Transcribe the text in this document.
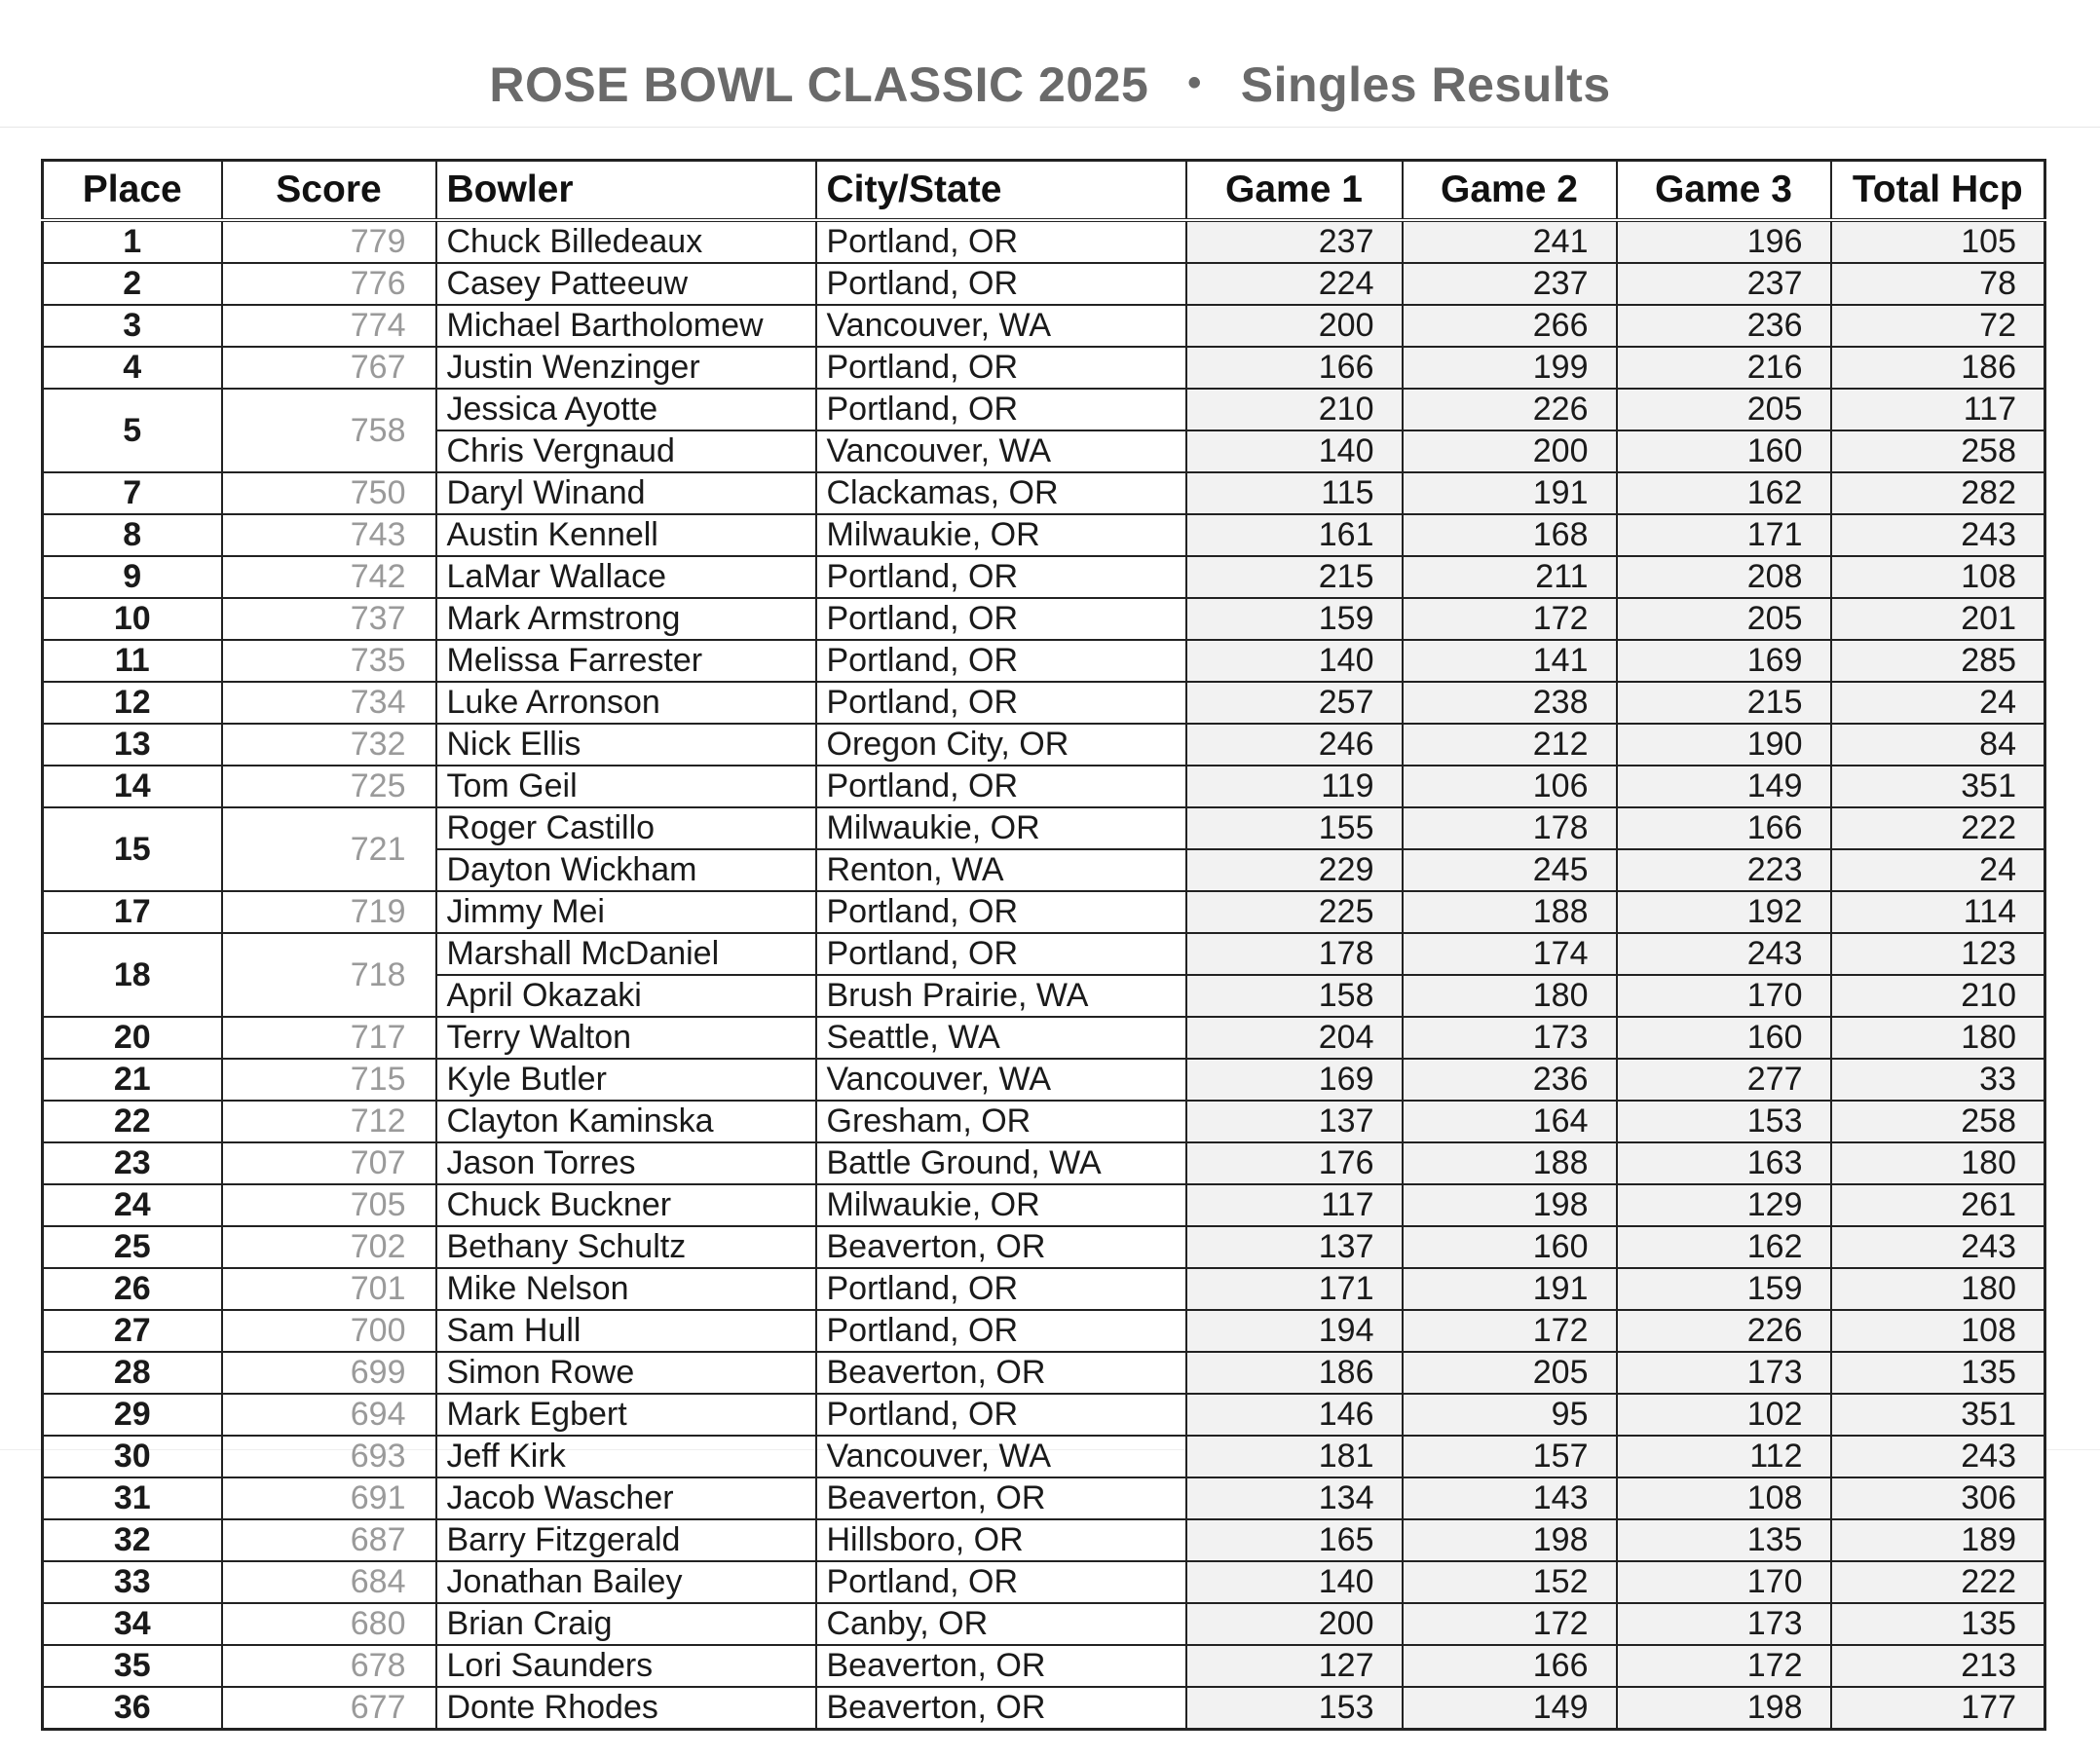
ROSE BOWL CLASSIC 2025 • Singles Results
Place	Score	Bowler	City/State	Game 1	Game 2	Game 3	Total Hcp
1	779	Chuck Billedeaux	Portland, OR	237	241	196	105
2	776	Casey Patteeuw	Portland, OR	224	237	237	78
3	774	Michael Bartholomew	Vancouver, WA	200	266	236	72
4	767	Justin Wenzinger	Portland, OR	166	199	216	186
5	758	Jessica Ayotte	Portland, OR	210	226	205	117
		Chris Vergnaud	Vancouver, WA	140	200	160	258
7	750	Daryl Winand	Clackamas, OR	115	191	162	282
8	743	Austin Kennell	Milwaukie, OR	161	168	171	243
9	742	LaMar Wallace	Portland, OR	215	211	208	108
10	737	Mark Armstrong	Portland, OR	159	172	205	201
11	735	Melissa Farrester	Portland, OR	140	141	169	285
12	734	Luke Arronson	Portland, OR	257	238	215	24
13	732	Nick Ellis	Oregon City, OR	246	212	190	84
14	725	Tom Geil	Portland, OR	119	106	149	351
15	721	Roger Castillo	Milwaukie, OR	155	178	166	222
		Dayton Wickham	Renton, WA	229	245	223	24
17	719	Jimmy Mei	Portland, OR	225	188	192	114
18	718	Marshall McDaniel	Portland, OR	178	174	243	123
		April Okazaki	Brush Prairie, WA	158	180	170	210
20	717	Terry Walton	Seattle, WA	204	173	160	180
21	715	Kyle Butler	Vancouver, WA	169	236	277	33
22	712	Clayton Kaminska	Gresham, OR	137	164	153	258
23	707	Jason Torres	Battle Ground, WA	176	188	163	180
24	705	Chuck Buckner	Milwaukie, OR	117	198	129	261
25	702	Bethany Schultz	Beaverton, OR	137	160	162	243
26	701	Mike Nelson	Portland, OR	171	191	159	180
27	700	Sam Hull	Portland, OR	194	172	226	108
28	699	Simon Rowe	Beaverton, OR	186	205	173	135
29	694	Mark Egbert	Portland, OR	146	95	102	351
30	693	Jeff Kirk	Vancouver, WA	181	157	112	243
31	691	Jacob Wascher	Beaverton, OR	134	143	108	306
32	687	Barry Fitzgerald	Hillsboro, OR	165	198	135	189
33	684	Jonathan Bailey	Portland, OR	140	152	170	222
34	680	Brian Craig	Canby, OR	200	172	173	135
35	678	Lori Saunders	Beaverton, OR	127	166	172	213
36	677	Donte Rhodes	Beaverton, OR	153	149	198	177
